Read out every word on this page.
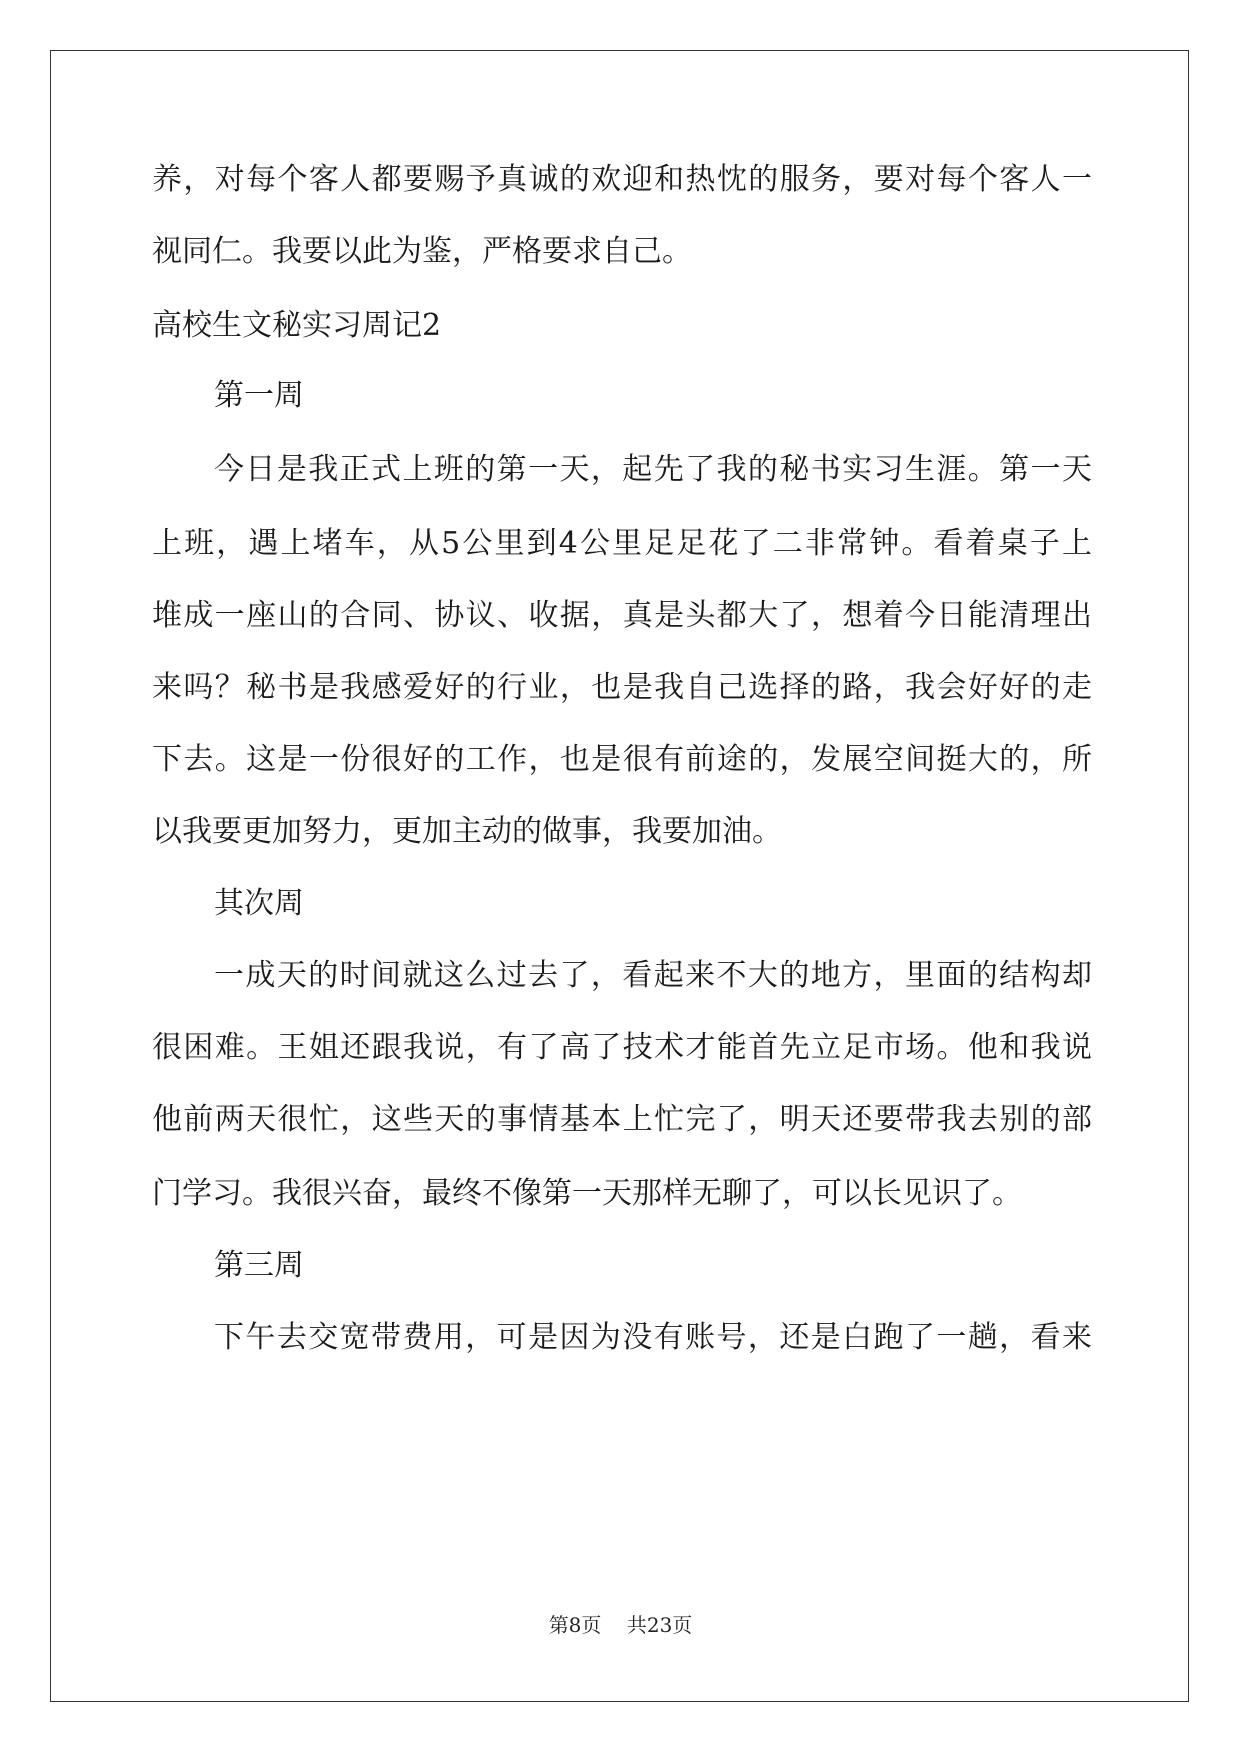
养，对每个客人都要赐予真诚的欢迎和热忱的服务，要对每个客人一
视同仁。我要以此为鉴，严格要求自己。
高校生文秘实习周记2
第一周
今日是我正式上班的第一天，起先了我的秘书实习生涯。第一天
上班，遇上堵车，从5公里到4公里足足花了二非常钟。看着桌子上
堆成一座山的合同、协议、收据，真是头都大了，想着今日能清理出
来吗？秘书是我感爱好的行业，也是我自己选择的路，我会好好的走
下去。这是一份很好的工作，也是很有前途的，发展空间挺大的，所
以我要更加努力，更加主动的做事，我要加油。
其次周
一成天的时间就这么过去了，看起来不大的地方，里面的结构却
很困难。王姐还跟我说，有了高了技术才能首先立足市场。他和我说
他前两天很忙，这些天的事情基本上忙完了，明天还要带我去别的部
门学习。我很兴奋，最终不像第一天那样无聊了，可以长见识了。
第三周
下午去交宽带费用，可是因为没有账号，还是白跑了一趟，看来
第8页 共23页
